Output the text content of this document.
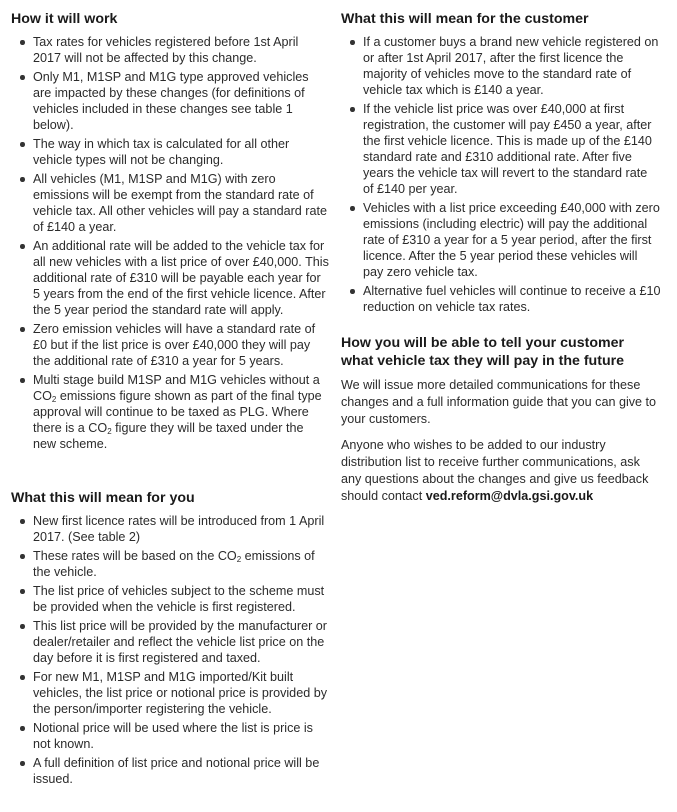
How it will work
Tax rates for vehicles registered before 1st April 2017 will not be affected by this change.
Only M1, M1SP and M1G type approved vehicles are impacted by these changes (for definitions of vehicles included in these changes see table 1 below).
The way in which tax is calculated for all other vehicle types will not be changing.
All vehicles (M1, M1SP and M1G) with zero emissions will be exempt from the standard rate of vehicle tax. All other vehicles will pay a standard rate of £140 a year.
An additional rate will be added to the vehicle tax for all new vehicles with a list price of over £40,000. This additional rate of £310 will be payable each year for 5 years from the end of the first vehicle licence. After the 5 year period the standard rate will apply.
Zero emission vehicles will have a standard rate of £0 but if the list price is over £40,000 they will pay the additional rate of £310 a year for 5 years.
Multi stage build M1SP and M1G vehicles without a $CO_2$ emissions figure shown as part of the final type approval will continue to be taxed as PLG. Where there is a $CO_2$ figure they will be taxed under the new scheme.
What this will mean for you
New first licence rates will be introduced from 1 April 2017. (See table 2)
These rates will be based on the $CO_2$ emissions of the vehicle.
The list price of vehicles subject to the scheme must be provided when the vehicle is first registered.
This list price will be provided by the manufacturer or dealer/retailer and reflect the vehicle list price on the day before it is first registered and taxed.
For new M1, M1SP and M1G imported/Kit built vehicles, the list price or notional price is provided by the person/importer registering the vehicle.
Notional price will be used where the list is price is not known.
A full definition of list price and notional price will be issued.
What this will mean for the customer
If a customer buys a brand new vehicle registered on or after 1st April 2017, after the first licence the majority of vehicles move to the standard rate of vehicle tax which is £140 a year.
If the vehicle list price was over £40,000 at first registration, the customer will pay £450 a year, after the first vehicle licence. This is made up of the £140 standard rate and £310 additional rate. After five years the vehicle tax will revert to the standard rate of £140 per year.
Vehicles with a list price exceeding £40,000 with zero emissions (including electric) will pay the additional rate of £310 a year for a 5 year period, after the first licence. After the 5 year period these vehicles will pay zero vehicle tax.
Alternative fuel vehicles will continue to receive a £10 reduction on vehicle tax rates.
How you will be able to tell your customer
what vehicle tax they will pay in the future

We will issue more detailed communications for these changes and a full information guide that you can give to your customers.

Anyone who wishes to be added to our industry distribution list to receive further communications, ask any questions about the changes and give us feedback should contact ved.reform@dvla.gsi.gov.uk
